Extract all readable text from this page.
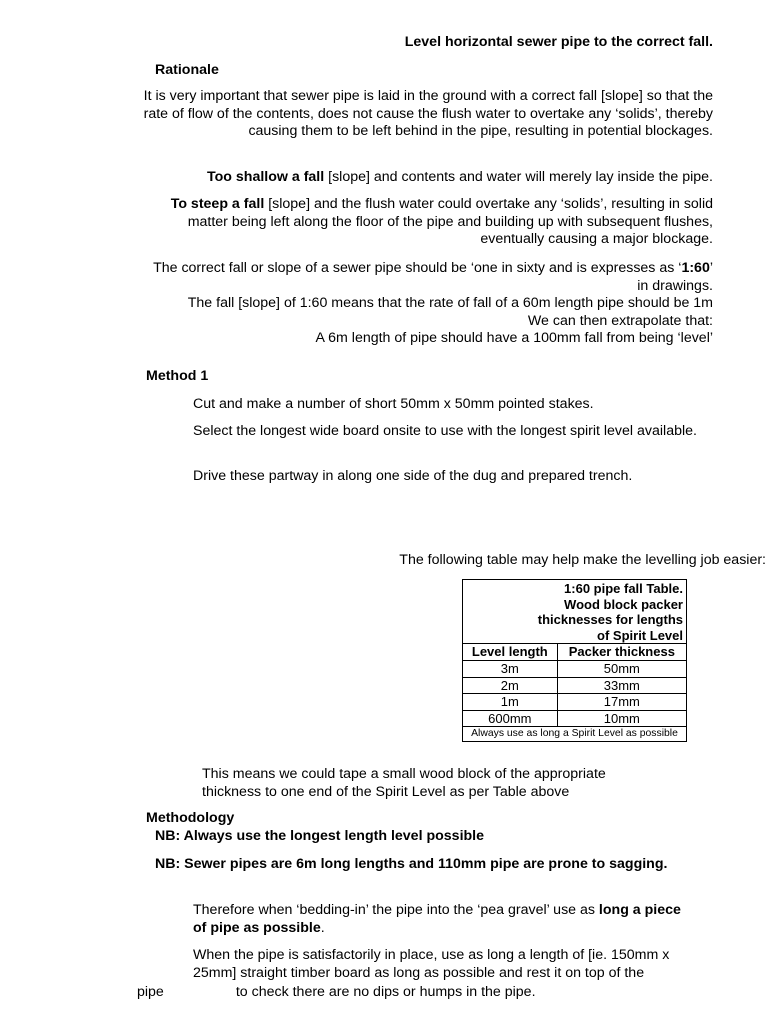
Level horizontal sewer pipe to the correct fall.
Rationale

It is very important that sewer pipe is laid in the ground with a correct fall [slope] so that the rate of flow of the contents, does not cause the flush water to overtake any ‘solids’, thereby causing them to be left behind in the pipe, resulting in potential blockages.

Too shallow a fall [slope] and contents and water will merely lay inside the pipe.

To steep a fall [slope] and the flush water could overtake any ‘solids’, resulting in solid matter being left along the floor of the pipe and building up with subsequent flushes, eventually causing a major blockage.

The correct fall or slope of a sewer pipe should be ‘one in sixty and is expresses as ‘1:60’ in drawings.

The fall [slope] of 1:60 means that the rate of fall of a 60m length pipe should be 1m

We can then extrapolate that:

A 6m length of pipe should have a 100mm fall from being ‘level’

Method 1

Cut and make a number of short 50mm x 50mm pointed stakes.

Select the longest wide board onsite to use with the longest spirit level available.

Drive these partway in along one side of the dug and prepared trench.

The following table may help make the levelling job easier:

1:60 pipe fall Table.
Wood block packer
thicknesses for lengths
of Spirit Level	

Level length	Packer thickness
3m	50mm
2m	33mm
1m	17mm
600mm	10mm
Always use as long a Spirit Level as possible	

This means we could tape a small wood block of the appropriate thickness to one end of the Spirit Level as per Table above

Methodology
NB: Always use the longest length level possible

NB: Sewer pipes are 6m long lengths and 110mm pipe are prone to sagging.

Therefore when ‘bedding-in’ the pipe into the ‘pea gravel’ use as long a piece of pipe as possible.

When the pipe is satisfactorily in place, use as long a length of [ie. 150mm x 25mm] straight timber board as long as possible and rest it on top of the

pipe	to check there are no dips or humps in the pipe.
